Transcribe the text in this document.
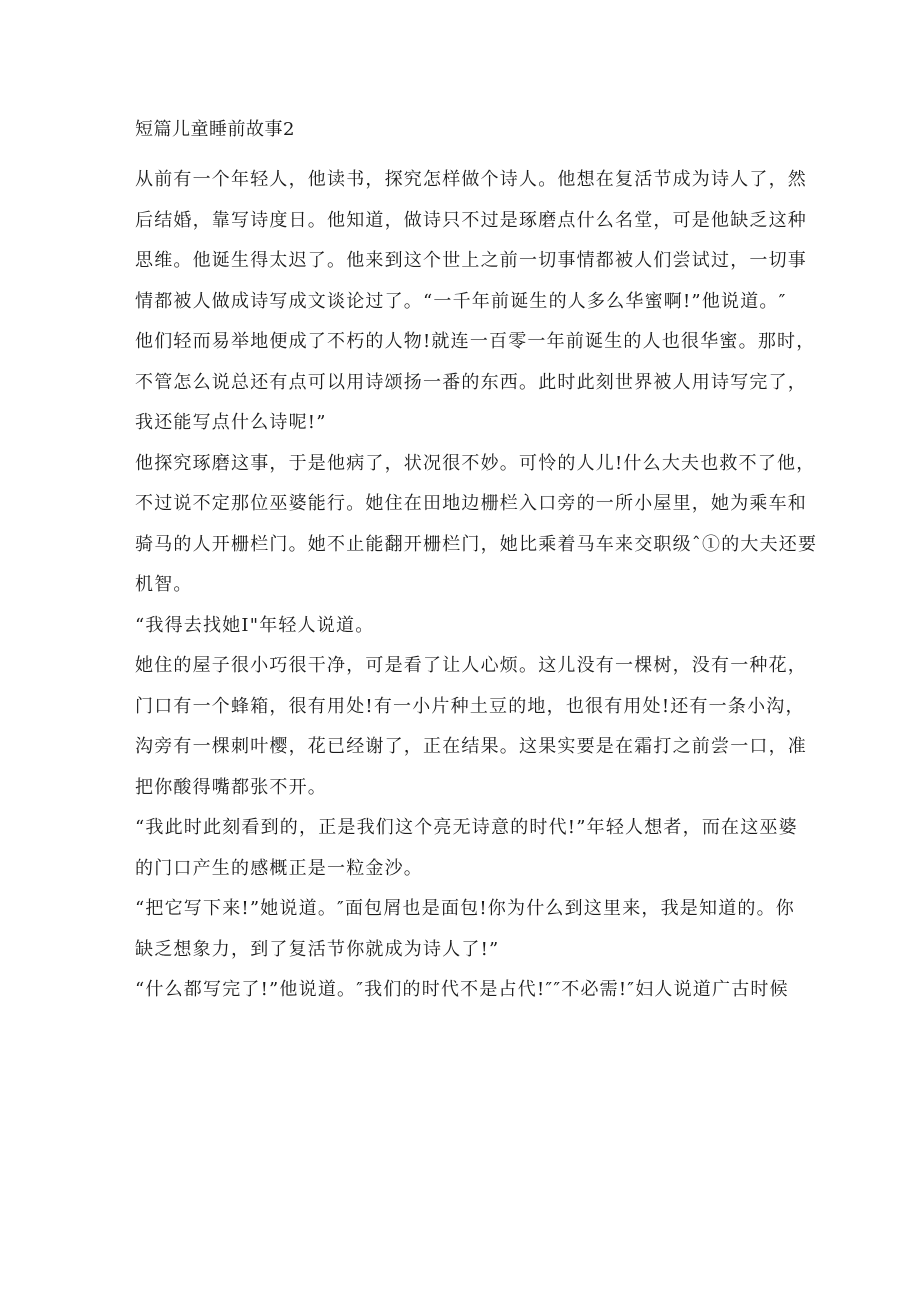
短篇儿童睡前故事2
从前有一个年轻人，他读书，探究怎样做个诗人。他想在复活节成为诗人了，然
后结婚，靠写诗度日。他知道，做诗只不过是琢磨点什么名堂，可是他缺乏这种
思维。他诞生得太迟了。他来到这个世上之前一切事情都被人们尝试过，一切事
情都被人做成诗写成文谈论过了。“一千年前诞生的人多么华蜜啊!”他说道。″
他们轻而易举地便成了不朽的人物!就连一百零一年前诞生的人也很华蜜。那时，
不管怎么说总还有点可以用诗颂扬一番的东西。此时此刻世界被人用诗写完了，
我还能写点什么诗呢!”
他探究琢磨这事，于是他病了，状况很不妙。可怜的人儿!什么大夫也救不了他，
不过说不定那位巫婆能行。她住在田地边栅栏入口旁的一所小屋里，她为乘车和
骑马的人开栅栏门。她不止能翻开栅栏门，她比乘着马车来交职级ˆ①的大夫还要
机智。
“我得去找她I"年轻人说道。
她住的屋子很小巧很干净，可是看了让人心烦。这儿没有一棵树，没有一种花，
门口有一个蜂箱，很有用处!有一小片种土豆的地，也很有用处!还有一条小沟，
沟旁有一棵刺叶樱，花已经谢了，正在结果。这果实要是在霜打之前尝一口，准
把你酸得嘴都张不开。
“我此时此刻看到的，正是我们这个亮无诗意的时代!”年轻人想者，而在这巫婆
的门口产生的感概正是一粒金沙。
“把它写下来!”她说道。″面包屑也是面包!你为什么到这里来，我是知道的。你
缺乏想象力，到了复活节你就成为诗人了!”
“什么都写完了!”他说道。″我们的时代不是占代!″″不必需!″妇人说道广古时候
